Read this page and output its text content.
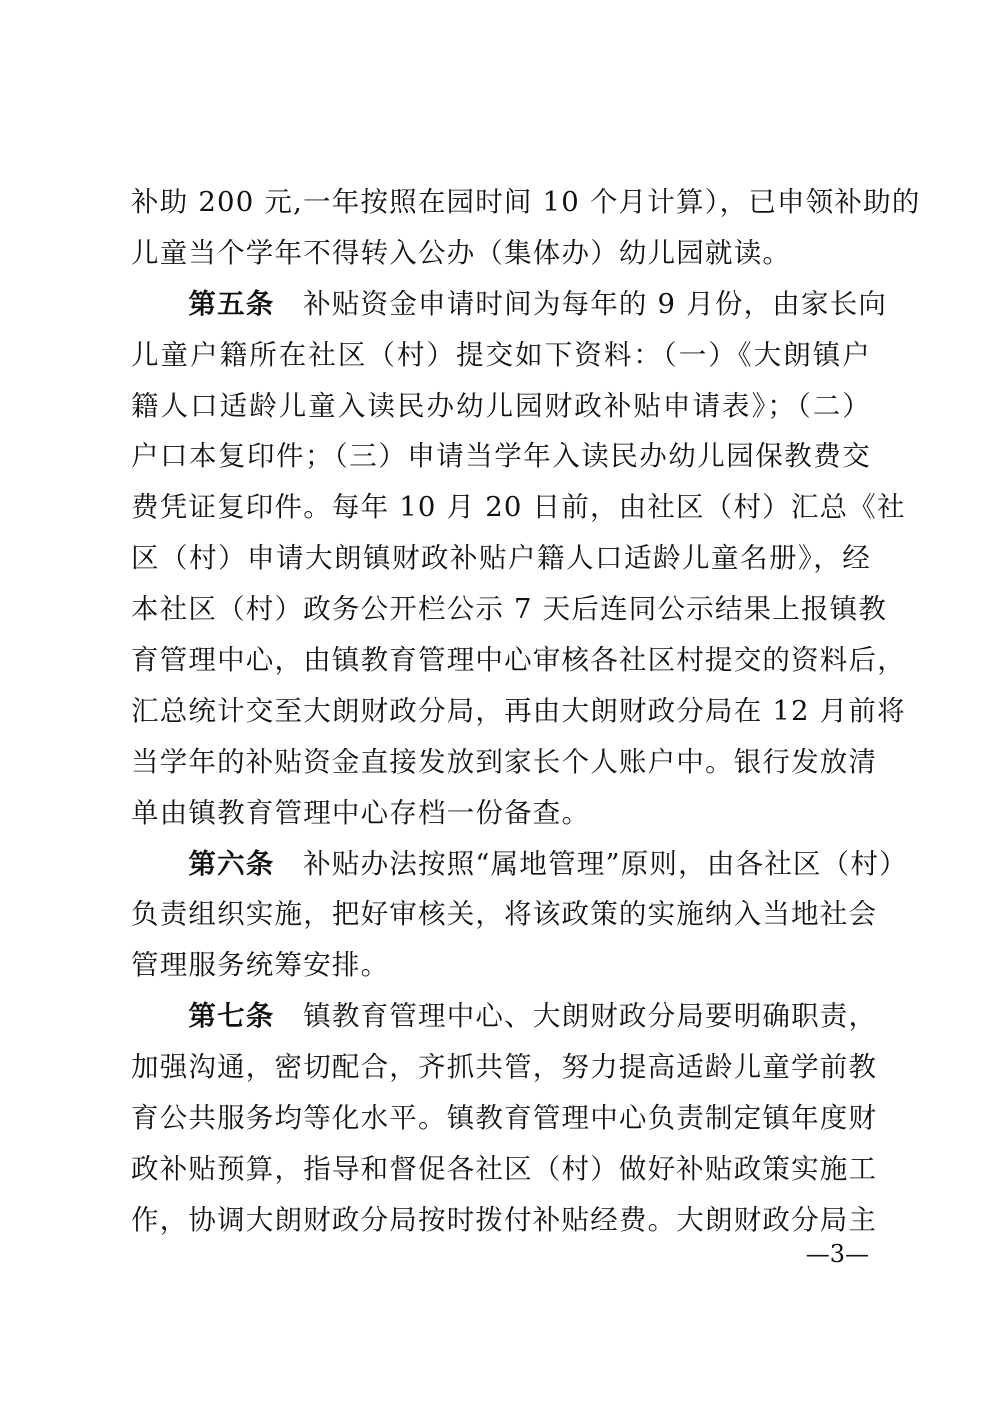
补助 200 元,一年按照在园时间 10 个月计算），已申领补助的
儿童当个学年不得转入公办（集体办）幼儿园就读。
　　第五条　 补贴资金申请时间为每年的 9 月份，由家长向
儿童户籍所在社区（村）提交如下资料：（一）《大朗镇户
籍人口适龄儿童入读民办幼儿园财政补贴申请表》；（二）
户口本复印件；（三）申请当学年入读民办幼儿园保教费交
费凭证复印件。每年 10 月 20 日前，由社区（村）汇总《社
区（村）申请大朗镇财政补贴户籍人口适龄儿童名册》，经
本社区（村）政务公开栏公示 7 天后连同公示结果上报镇教
育管理中心，由镇教育管理中心审核各社区村提交的资料后，
汇总统计交至大朗财政分局，再由大朗财政分局在 12 月前将
当学年的补贴资金直接发放到家长个人账户中。银行发放清
单由镇教育管理中心存档一份备查。
　　第六条　 补贴办法按照“属地管理”原则，由各社区（村）
负责组织实施，把好审核关，将该政策的实施纳入当地社会
管理服务统筹安排。
　　第七条　 镇教育管理中心、大朗财政分局要明确职责，
加强沟通，密切配合，齐抓共管，努力提高适龄儿童学前教
育公共服务均等化水平。镇教育管理中心负责制定镇年度财
政补贴预算，指导和督促各社区（村）做好补贴政策实施工
作，协调大朗财政分局按时拨付补贴经费。大朗财政分局主
—3—
